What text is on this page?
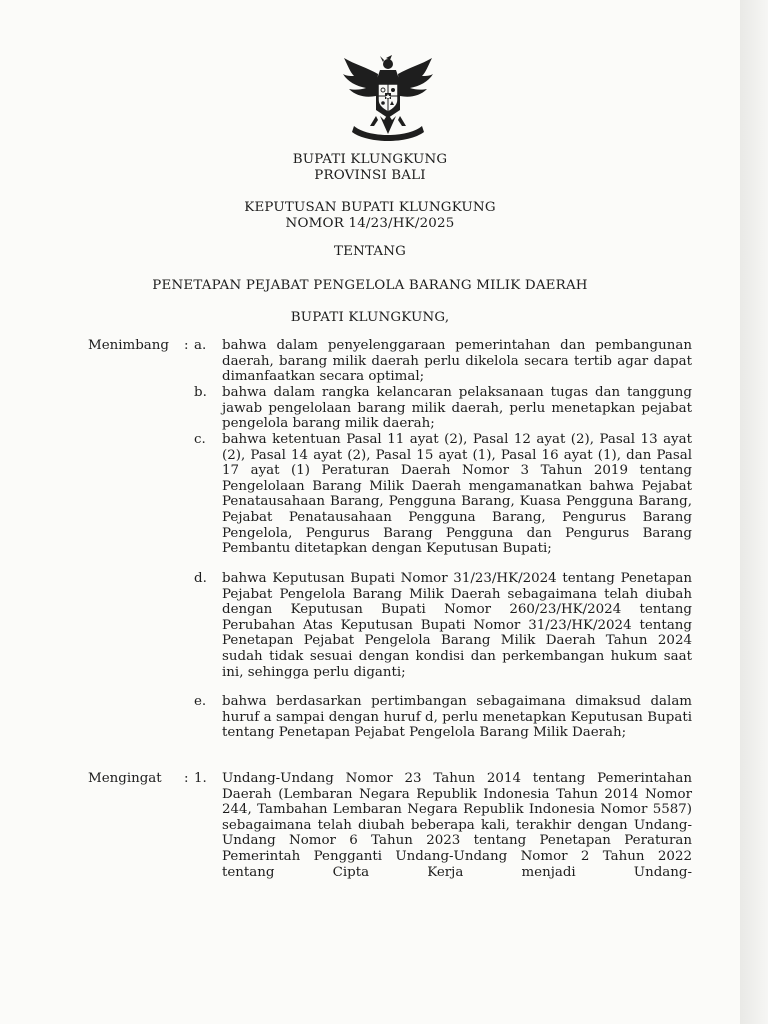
BUPATI KLUNGKUNG
PROVINSI BALI
KEPUTUSAN BUPATI KLUNGKUNG
NOMOR 14/23/HK/2025
TENTANG
PENETAPAN PEJABAT PENGELOLA BARANG MILIK DAERAH
BUPATI KLUNGKUNG,
Menimbang : a. bahwa dalam penyelenggaraan pemerintahan dan pembangunan daerah, barang milik daerah perlu dikelola secara tertib agar dapat dimanfaatkan secara optimal;
b. bahwa dalam rangka kelancaran pelaksanaan tugas dan tanggung jawab pengelolaan barang milik daerah, perlu menetapkan pejabat pengelola barang milik daerah;
c. bahwa ketentuan Pasal 11 ayat (2), Pasal 12 ayat (2), Pasal 13 ayat (2), Pasal 14 ayat (2), Pasal 15 ayat (1), Pasal 16 ayat (1), dan Pasal 17 ayat (1) Peraturan Daerah Nomor 3 Tahun 2019 tentang Pengelolaan Barang Milik Daerah mengamanatkan bahwa Pejabat Penatausahaan Barang, Pengguna Barang, Kuasa Pengguna Barang, Pejabat Penatausahaan Pengguna Barang, Pengurus Barang Pengelola, Pengurus Barang Pengguna dan Pengurus Barang Pembantu ditetapkan dengan Keputusan Bupati;
d. bahwa Keputusan Bupati Nomor 31/23/HK/2024 tentang Penetapan Pejabat Pengelola Barang Milik Daerah sebagaimana telah diubah dengan Keputusan Bupati Nomor 260/23/HK/2024 tentang Perubahan Atas Keputusan Bupati Nomor 31/23/HK/2024 tentang Penetapan Pejabat Pengelola Barang Milik Daerah Tahun 2024 sudah tidak sesuai dengan kondisi dan perkembangan hukum saat ini, sehingga perlu diganti;
e. bahwa berdasarkan pertimbangan sebagaimana dimaksud dalam huruf a sampai dengan huruf d, perlu menetapkan Keputusan Bupati tentang Penetapan Pejabat Pengelola Barang Milik Daerah;
Mengingat : 1. Undang-Undang Nomor 23 Tahun 2014 tentang Pemerintahan Daerah (Lembaran Negara Republik Indonesia Tahun 2014 Nomor 244, Tambahan Lembaran Negara Republik Indonesia Nomor 5587) sebagaimana telah diubah beberapa kali, terakhir dengan Undang-Undang Nomor 6 Tahun 2023 tentang Penetapan Peraturan Pemerintah Pengganti Undang-Undang Nomor 2 Tahun 2022 tentang Cipta Kerja menjadi Undang-
